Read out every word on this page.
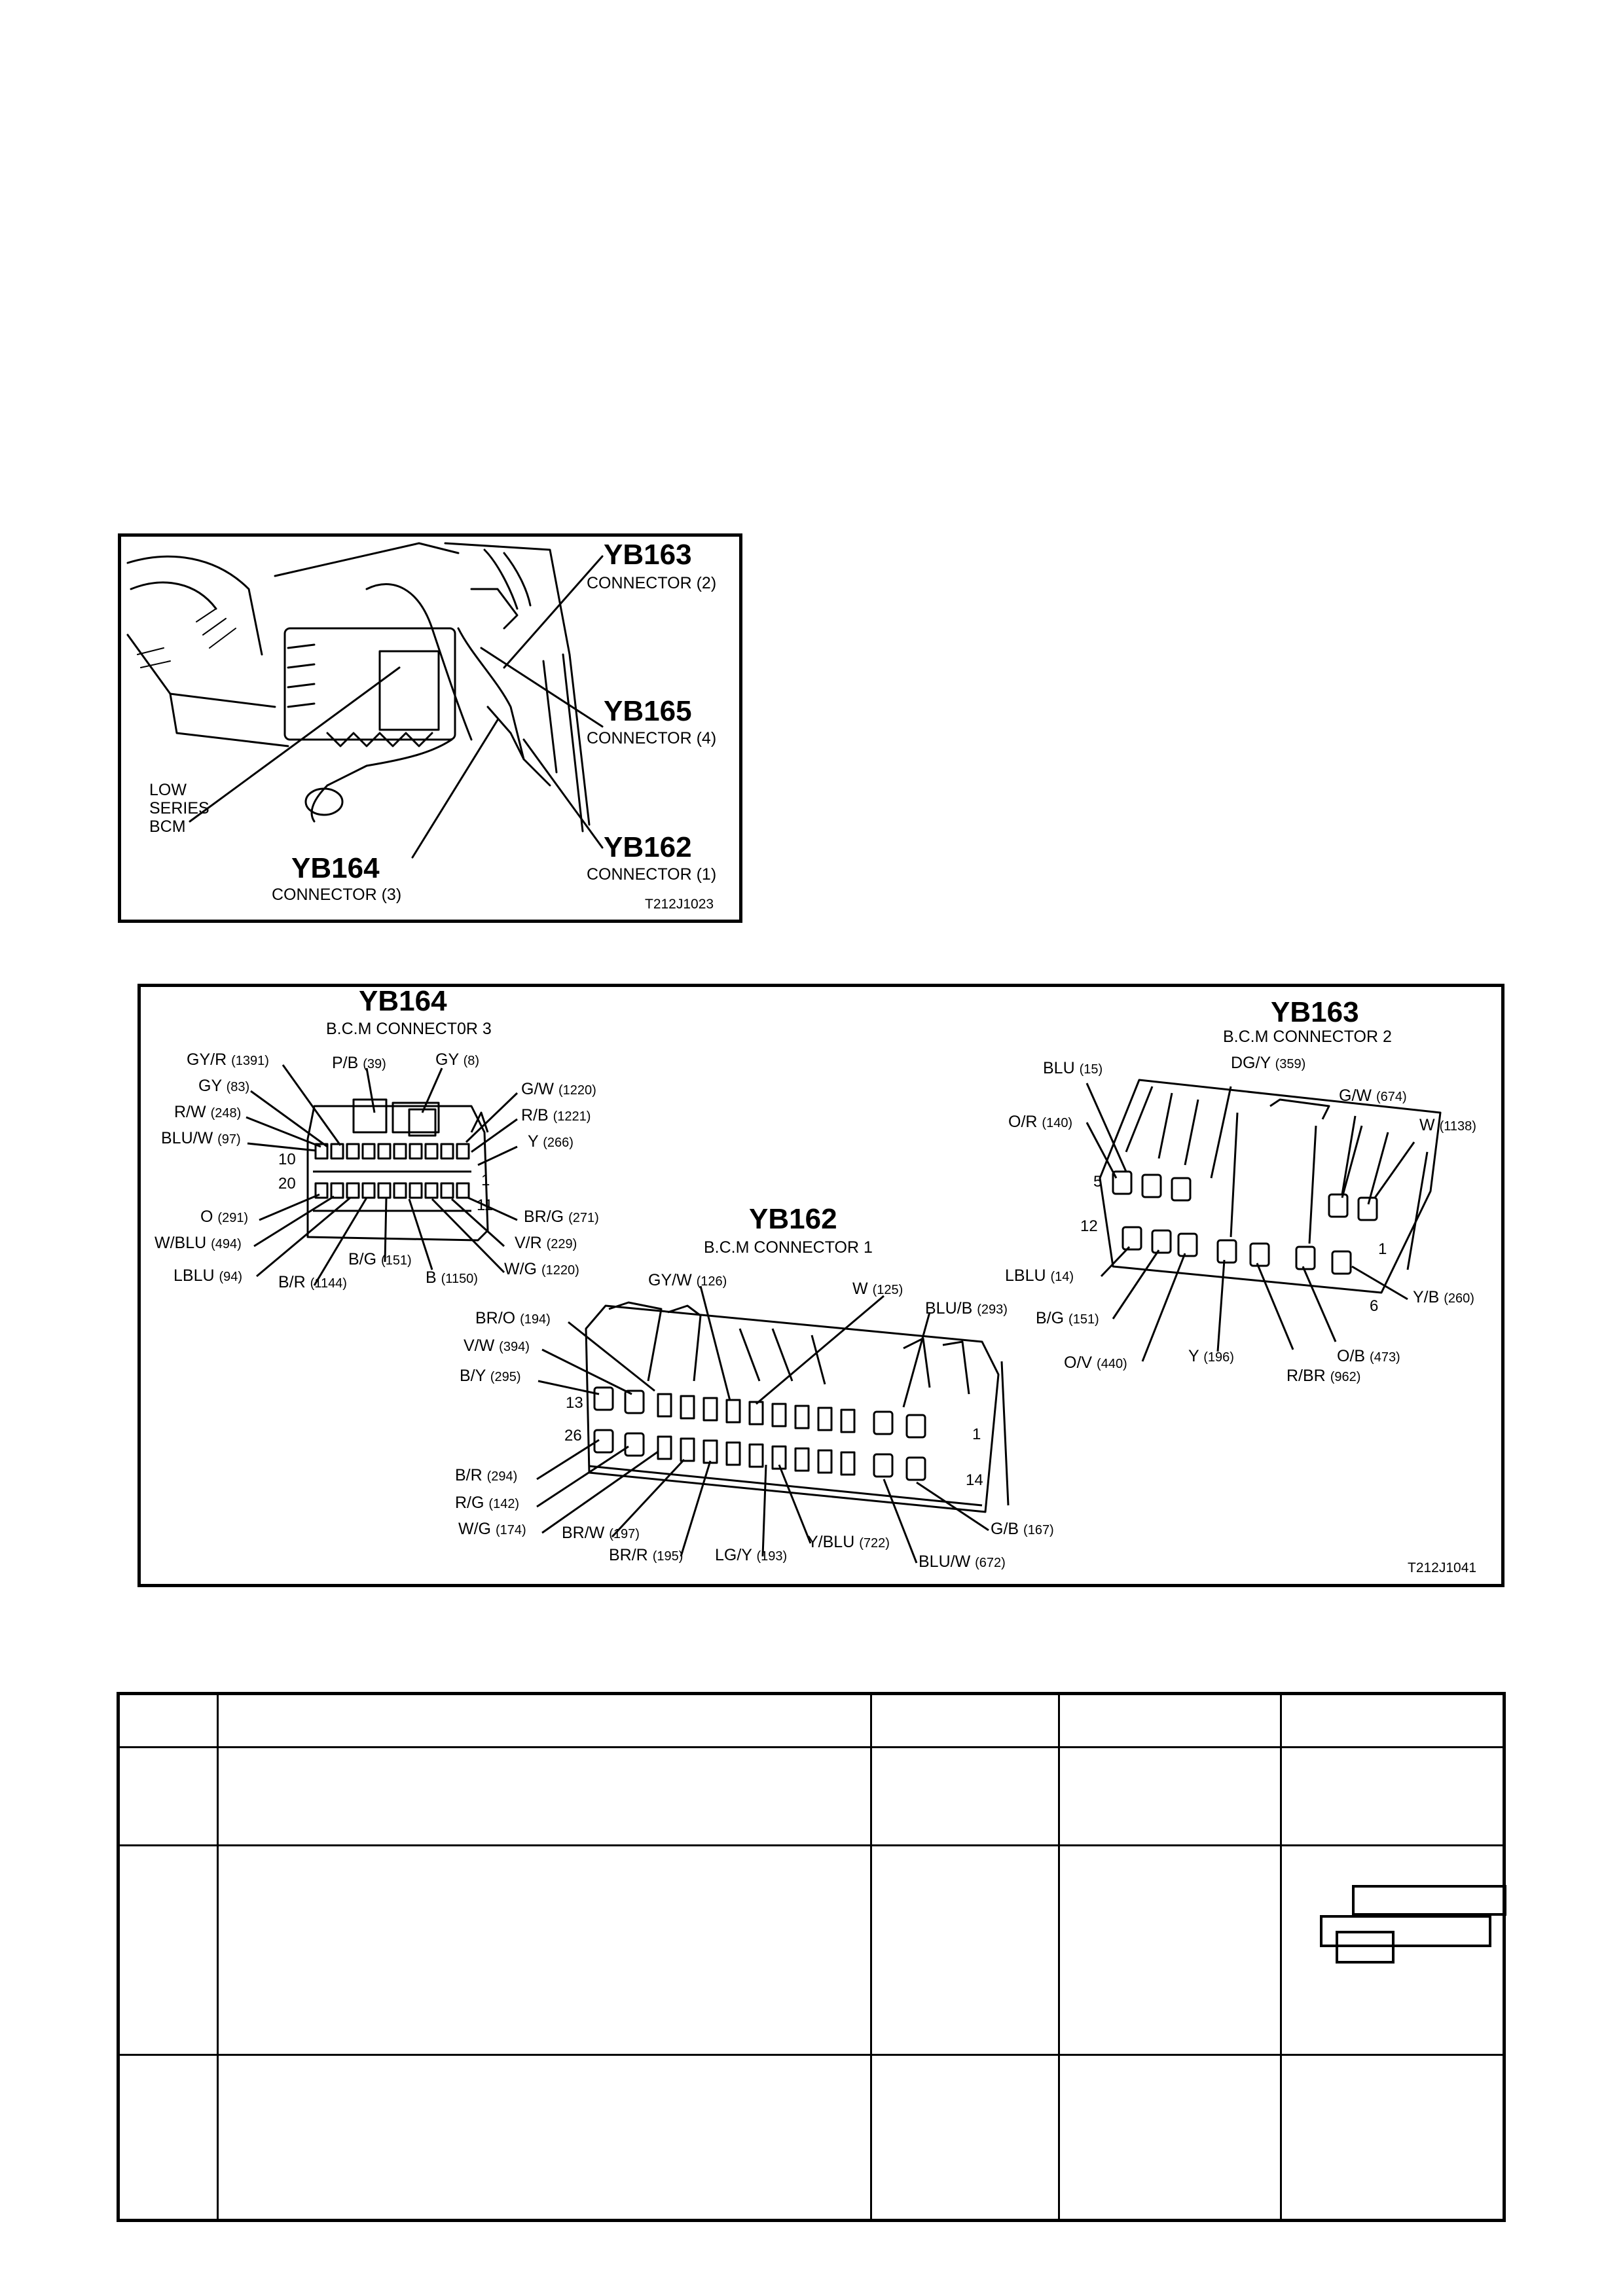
YB163
CONNECTOR (2)
YB165
CONNECTOR (4)
YB162
CONNECTOR (1)
YB164
CONNECTOR (3)
LOW
SERIES
BCM
T212J1023
YB164
B.C.M CONNECT0R 3
GY/R (1391)
GY (83)
R/W (248)
BLU/W (97)
P/B (39)	GY (8)
G/W (1220)
R/B (1221)
Y (266)
O (291)
W/BLU (494)
LBLU (94) B/R (1144)
B/G (151)
B (1150)
W/G (1220)
V/R (229)
BR/G (271)
10
20	1
11
YB163
B.C.M CONNECTOR 2
BLU (15)	DG/Y (359)
G/W (674)
W (1138)
O/R (140)
LBLU (14)
B/G (151)
O/V (440)	Y (196)
R/BR (962)
O/B (473)
Y/B (260)
5
12
1
6
YB162
B.C.M CONNECTOR 1
GY/W (126)	W (125)
BLU/B (293)
BR/O (194)
V/W (394)
B/Y (295)
B/R (294)
R/G (142)
W/G (174) BR/W (197)
BR/R (195) LG/Y (193)
Y/BLU (722)
BLU/W (672)
G/B (167)
13
26	1
14
T212J1041
